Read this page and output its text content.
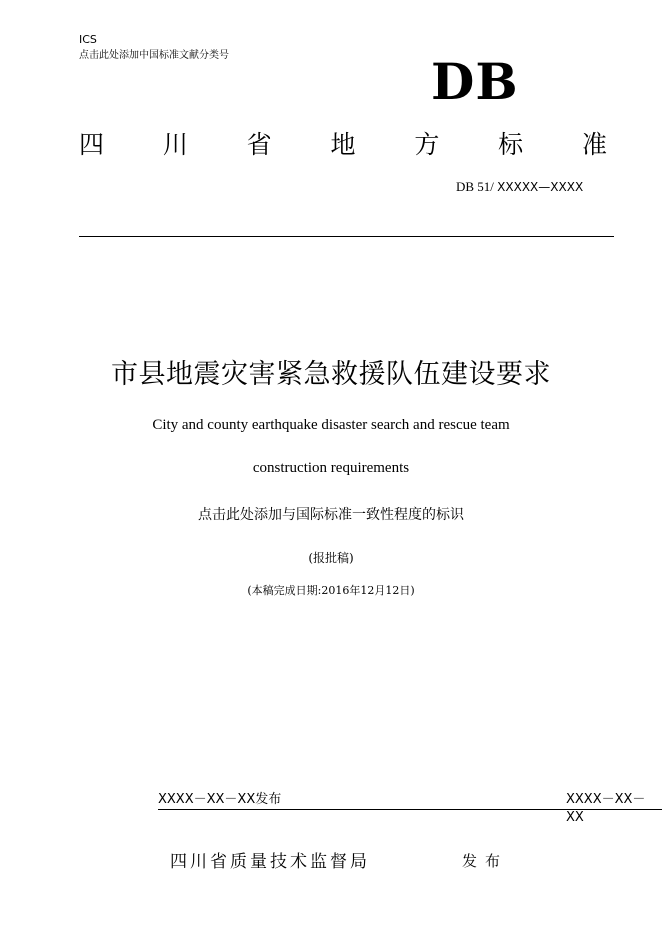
ICS
点击此处添加中国标准文献分类号	DB
四 川 省 地 方 标 准
DB 51/ XXXXX—XXXX
市县地震灾害紧急救援队伍建设要求
City and county earthquake disaster search and rescue team
construction requirements
点击此处添加与国际标准一致性程度的标识
(报批稿)
(本稿完成日期:2016年12月12日)
XXXX－XX－XX发布	XXXX－XX－XX
四川省质量技术监督局	发布
